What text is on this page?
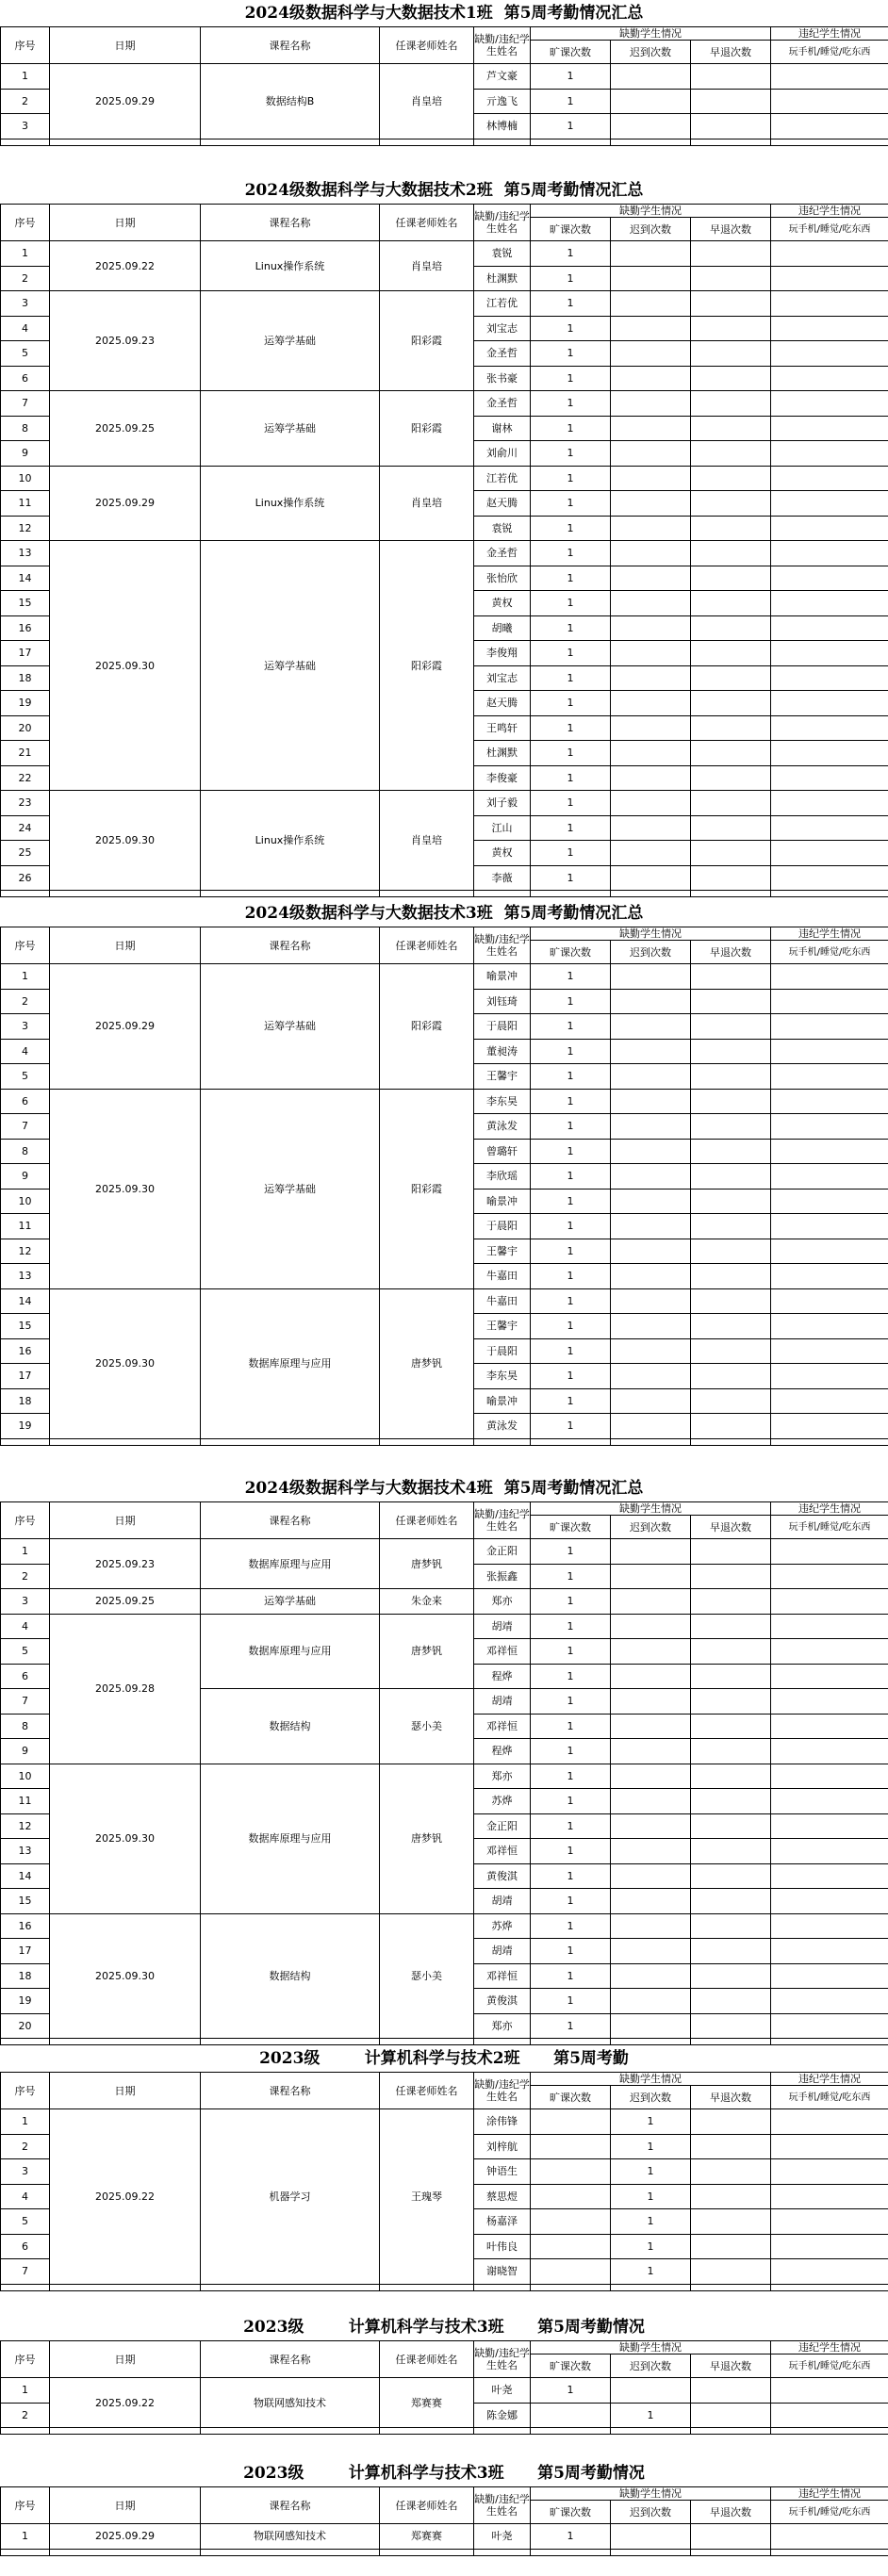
2024级数据科学与大数据技术1班  第5周考勤情况汇总
序号	日期	课程名称	任课老师姓名	缺勤/违纪学生姓名	缺勤学生情况			违纪学生情况
					旷课次数	迟到次数	早退次数	玩手机/睡觉/吃东西
1	2025.09.29	数据结构B	肖皇培	芦文豪	1			
2				亓逸飞	1			
3				林博楠	1			

2024级数据科学与大数据技术2班  第5周考勤情况汇总
序号	日期	课程名称	任课老师姓名	缺勤/违纪学生姓名	缺勤学生情况			违纪学生情况
					旷课次数	迟到次数	早退次数	玩手机/睡觉/吃东西
1	2025.09.22	Linux操作系统	肖皇培	袁锐	1			
2				杜渊默	1			
3	2025.09.23	运筹学基础	阳彩霞	江若优	1			
4				刘宝志	1			
5				金圣哲	1			
6				张书豪	1			
7	2025.09.25	运筹学基础	阳彩霞	金圣哲	1			
8				谢林	1			
9				刘俞川	1			
10	2025.09.29	Linux操作系统	肖皇培	江若优	1			
11				赵天腾	1			
12				袁锐	1			
13	2025.09.30	运筹学基础	阳彩霞	金圣哲	1			
14				张怡欣	1			
15				黄权	1			
16				胡曦	1			
17				李俊翔	1			
18				刘宝志	1			
19				赵天腾	1			
20				王鸣轩	1			
21				杜渊默	1			
22				李俊豪	1			
23	2025.09.30	Linux操作系统	肖皇培	刘子毅	1			
24				江山	1			
25				黄权	1			
26				李薇	1			

2024级数据科学与大数据技术3班  第5周考勤情况汇总
序号	日期	课程名称	任课老师姓名	缺勤/违纪学生姓名	缺勤学生情况			违纪学生情况
					旷课次数	迟到次数	早退次数	玩手机/睡觉/吃东西
1	2025.09.29	运筹学基础	阳彩霞	喻景冲	1			
2				刘钰琦	1			
3				于晨阳	1			
4				董昶涛	1			
5				王馨宇	1			
6	2025.09.30	运筹学基础	阳彩霞	李东昊	1			
7				黄泳发	1			
8				曾璐轩	1			
9				李欣瑶	1			
10				喻景冲	1			
11				于晨阳	1			
12				王馨宇	1			
13				牛嘉田	1			
14	2025.09.30	数据库原理与应用	唐梦钒	牛嘉田	1			
15				王馨宇	1			
16				于晨阳	1			
17				李东昊	1			
18				喻景冲	1			
19				黄泳发	1			

2024级数据科学与大数据技术4班  第5周考勤情况汇总
序号	日期	课程名称	任课老师姓名	缺勤/违纪学生姓名	缺勤学生情况			违纪学生情况
					旷课次数	迟到次数	早退次数	玩手机/睡觉/吃东西
1	2025.09.23	数据库原理与应用	唐梦钒	金正阳	1			
2				张振鑫	1			
3	2025.09.25	运筹学基础	朱金来	郑亦	1			
4	2025.09.28	数据库原理与应用	唐梦钒	胡靖	1			
5				邓祥恒	1			
6				程烨	1			
7		数据结构	瑟小美	胡靖	1			
8				邓祥恒	1			
9				程烨	1			
10	2025.09.30	数据库原理与应用	唐梦钒	郑亦	1			
11				苏烨	1			
12				金正阳	1			
13				邓祥恒	1			
14				黄俊淇	1			
15				胡靖	1			
16	2025.09.30	数据结构	瑟小美	苏烨	1			
17				胡靖	1			
18				邓祥恒	1			
19				黄俊淇	1			
20				郑亦	1			

2023级        计算机科学与技术2班      第5周考勤
序号	日期	课程名称	任课老师姓名	缺勤/违纪学生姓名	缺勤学生情况			违纪学生情况
					旷课次数	迟到次数	早退次数	玩手机/睡觉/吃东西
1	2025.09.22	机器学习	王瑰琴	涂伟锋		1		
2				刘梓航		1		
3				钟语生		1		
4				蔡思煜		1		
5				杨嘉泽		1		
6				叶伟良		1		
7				谢晓智		1		

2023级        计算机科学与技术3班      第5周考勤情况
序号	日期	课程名称	任课老师姓名	缺勤/违纪学生姓名	缺勤学生情况			违纪学生情况
					旷课次数	迟到次数	早退次数	玩手机/睡觉/吃东西
1	2025.09.22	物联网感知技术	郑赛赛	叶尧	1			
2				陈金娜		1		

2023级        计算机科学与技术3班      第5周考勤情况
序号	日期	课程名称	任课老师姓名	缺勤/违纪学生姓名	缺勤学生情况			违纪学生情况
					旷课次数	迟到次数	早退次数	玩手机/睡觉/吃东西
1	2025.09.29	物联网感知技术	郑赛赛	叶尧	1			
